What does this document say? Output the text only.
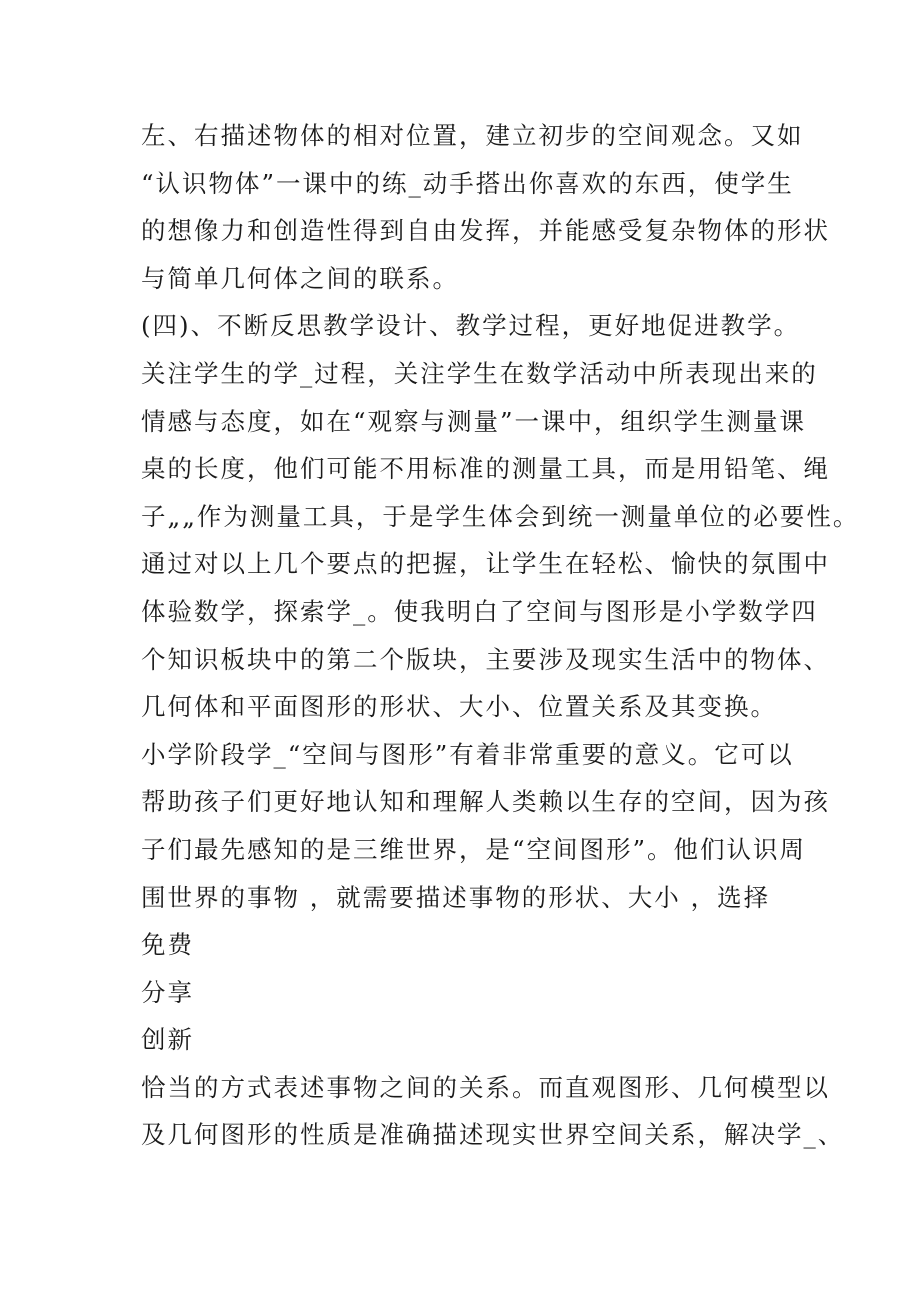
左、右描述物体的相对位置，建立初步的空间观念。又如
“认识物体”一课中的练_动手搭出你喜欢的东西，使学生
的想像力和创造性得到自由发挥，并能感受复杂物体的形状
与简单几何体之间的联系。
(四)、不断反思教学设计、教学过程，更好地促进教学。
关注学生的学_过程，关注学生在数学活动中所表现出来的
情感与态度，如在“观察与测量”一课中，组织学生测量课
桌的长度，他们可能不用标准的测量工具，而是用铅笔、绳
子„„作为测量工具，于是学生体会到统一测量单位的必要性。
通过对以上几个要点的把握，让学生在轻松、愉快的氛围中
体验数学，探索学_。使我明白了空间与图形是小学数学四
个知识板块中的第二个版块，主要涉及现实生活中的物体、
几何体和平面图形的形状、大小、位置关系及其变换。
小学阶段学_“空间与图形”有着非常重要的意义。它可以
帮助孩子们更好地认知和理解人类赖以生存的空间，因为孩
子们最先感知的是三维世界，是“空间图形”。他们认识周
围世界的事物 ，就需要描述事物的形状、大小 ，选择
免费
分享
创新
恰当的方式表述事物之间的关系。而直观图形、几何模型以
及几何图形的性质是准确描述现实世界空间关系，解决学_、
